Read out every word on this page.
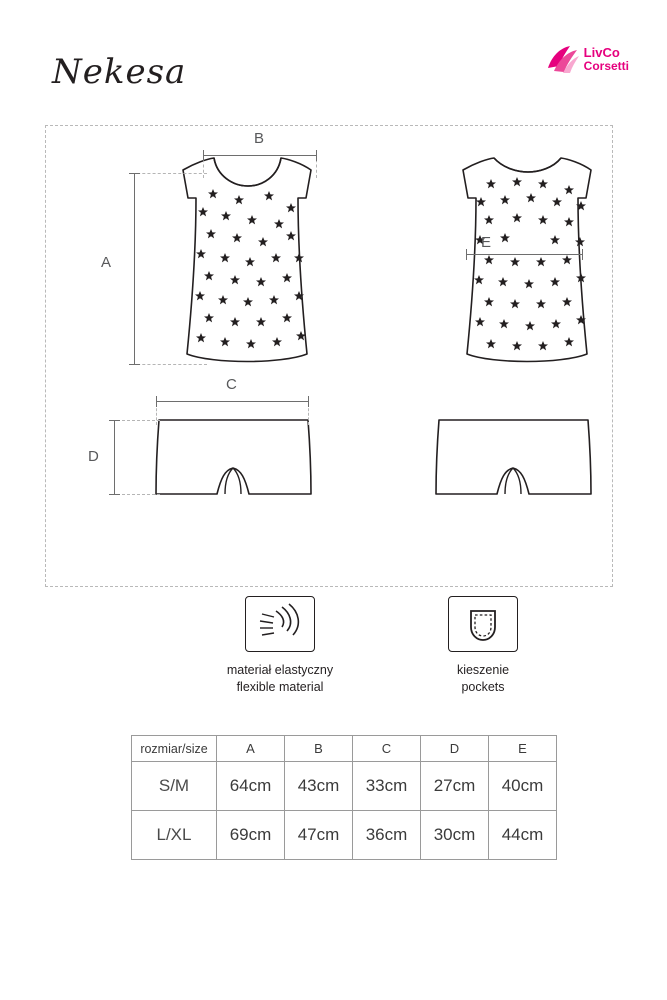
LivCo
Corsetti
Nekesa
B
A
E
C
D
materiał elastyczny
flexible material
kieszenie
pockets
rozmiar/size	A	B	C	D	E
S/M	64cm	43cm	33cm	27cm	40cm
L/XL	69cm	47cm	36cm	30cm	44cm
